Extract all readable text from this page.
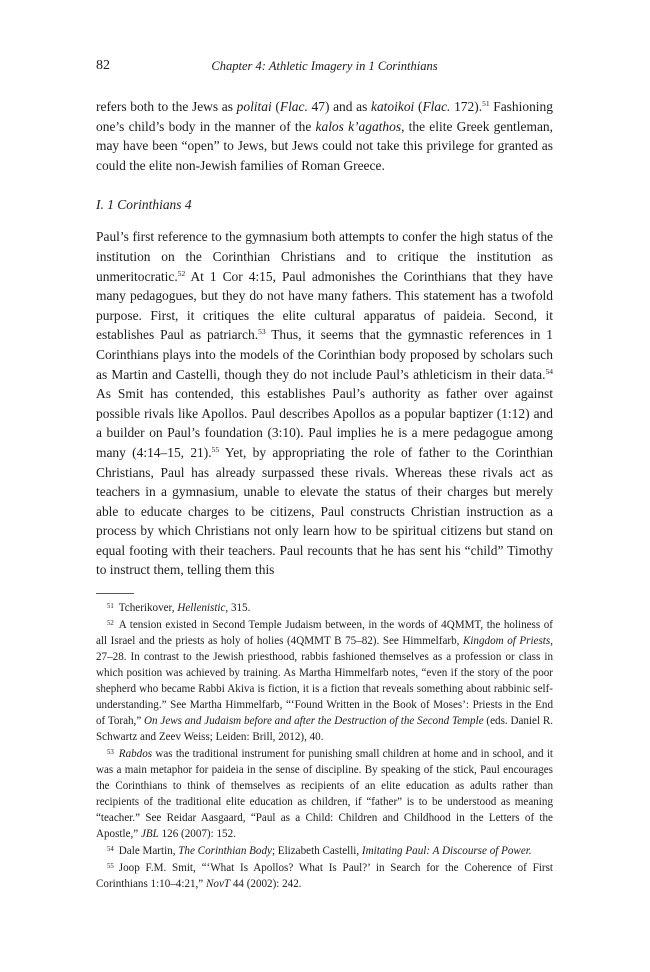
82	Chapter 4: Athletic Imagery in 1 Corinthians

refers both to the Jews as politai (Flac. 47) and as katoikoi (Flac. 172).$^{51}$ Fashioning one’s child’s body in the manner of the kalos k’agathos, the elite Greek gentleman, may have been “open” to Jews, but Jews could not take this privilege for granted as could the elite non-Jewish families of Roman Greece.

I. 1 Corinthians 4

Paul’s first reference to the gymnasium both attempts to confer the high status of the institution on the Corinthian Christians and to critique the institution as unmeritocratic.$^{52}$ At 1 Cor 4:15, Paul admonishes the Corinthians that they have many pedagogues, but they do not have many fathers. This statement has a twofold purpose. First, it critiques the elite cultural apparatus of paideia. Second, it establishes Paul as patriarch.$^{53}$ Thus, it seems that the gymnastic references in 1 Corinthians plays into the models of the Corinthian body proposed by scholars such as Martin and Castelli, though they do not include Paul’s athleticism in their data.$^{54}$ As Smit has contended, this establishes Paul’s authority as father over against possible rivals like Apollos. Paul describes Apollos as a popular baptizer (1:12) and a builder on Paul’s foundation (3:10). Paul implies he is a mere pedagogue among many (4:14–15, 21).$^{55}$ Yet, by appropriating the role of father to the Corinthian Christians, Paul has already surpassed these rivals. Whereas these rivals act as teachers in a gymnasium, unable to elevate the status of their charges but merely able to educate charges to be citizens, Paul constructs Christian instruction as a process by which Christians not only learn how to be spiritual citizens but stand on equal footing with their teachers. Paul recounts that he has sent his “child” Timothy to instruct them, telling them this

$^{51}$ Tcherikover, Hellenistic, 315.

$^{52}$ A tension existed in Second Temple Judaism between, in the words of 4QMMT, the holiness of all Israel and the priests as holy of holies (4QMMT B 75–82). See Himmelfarb, Kingdom of Priests, 27–28. In contrast to the Jewish priesthood, rabbis fashioned themselves as a profession or class in which position was achieved by training. As Martha Himmelfarb notes, “even if the story of the poor shepherd who became Rabbi Akiva is fiction, it is a fiction that reveals something about rabbinic self-understanding.” See Martha Himmelfarb, “‘Found Written in the Book of Moses’: Priests in the End of Torah,” On Jews and Judaism before and after the Destruction of the Second Temple (eds. Daniel R. Schwartz and Zeev Weiss; Leiden: Brill, 2012), 40.

$^{53}$ Rabdos was the traditional instrument for punishing small children at home and in school, and it was a main metaphor for paideia in the sense of discipline. By speaking of the stick, Paul encourages the Corinthians to think of themselves as recipients of an elite education as adults rather than recipients of the traditional elite education as children, if “father” is to be understood as meaning “teacher.” See Reidar Aasgaard, “Paul as a Child: Children and Childhood in the Letters of the Apostle,” JBL 126 (2007): 152.

$^{54}$ Dale Martin, The Corinthian Body; Elizabeth Castelli, Imitating Paul: A Discourse of Power.

$^{55}$ Joop F.M. Smit, “‘What Is Apollos? What Is Paul?’ in Search for the Coherence of First Corinthians 1:10–4:21,” NovT 44 (2002): 242.
